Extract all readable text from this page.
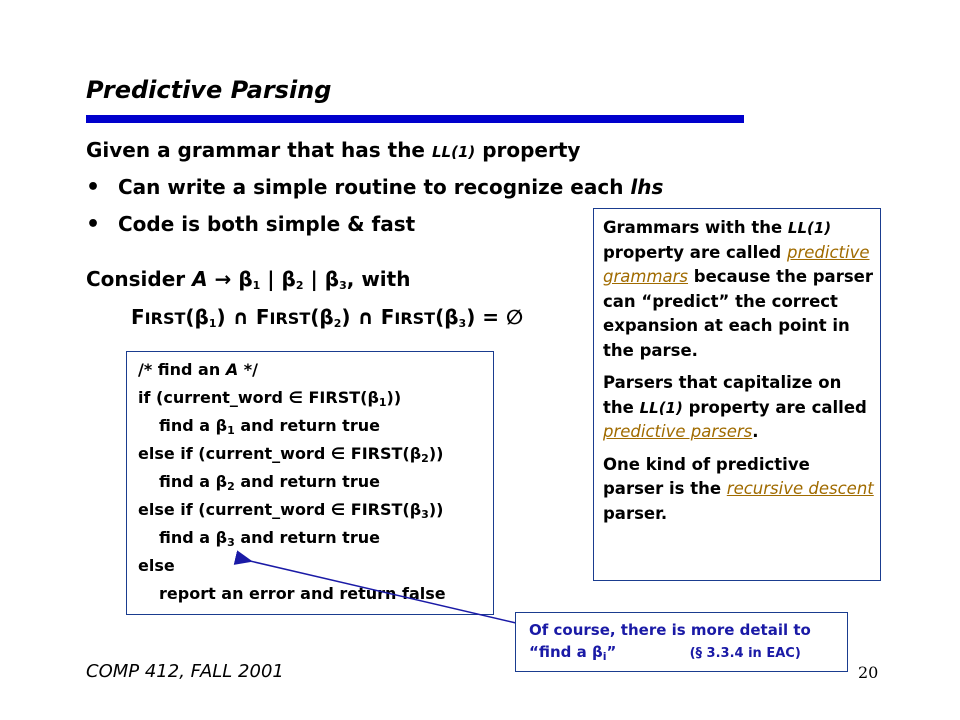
Predictive Parsing
Given a grammar that has the LL(1) property
• Can write a simple routine to recognize each lhs
• Code is both simple & fast
Consider $A \to \beta_1$ | $\beta_2$ | $\beta_3$, with
$FIRST(\beta_1)$ ∩ $FIRST(\beta_2)$ ∩ $FIRST(\beta_3)$ = ∅
/* find an A */
if (current_word ∈ $FIRST(\beta_1)$)
find a $\beta_1$ and return true
else if (current_word ∈ $FIRST(\beta_2)$)
find a $\beta_2$ and return true
else if (current_word ∈ $FIRST(\beta_3)$)
find a $\beta_3$ and return true
else
report an error and return false

Grammars with the LL(1) property are called predictive grammars because the parser can “predict” the correct expansion at each point in the parse.

Parsers that capitalize on the LL(1) property are called predictive parsers.

One kind of predictive parser is the recursive descent parser.

Of course, there is more detail to
“find a $\beta_i$”	(§ 3.3.4 in EAC)
COMP 412, FALL 2001	20
